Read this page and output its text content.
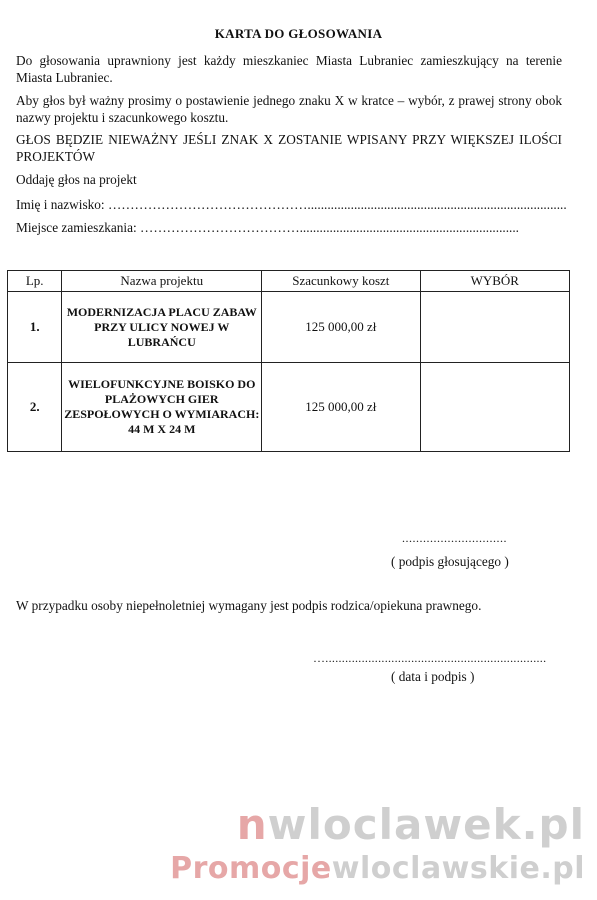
KARTA DO GŁOSOWANIA
Do głosowania uprawniony jest każdy mieszkaniec Miasta Lubraniec zamieszkujący na terenie Miasta Lubraniec.
Aby głos był ważny prosimy o postawienie jednego znaku X w kratce – wybór, z prawej strony obok nazwy projektu i szacunkowego kosztu.
GŁOS BĘDZIE NIEWAŻNY JEŚLI ZNAK X ZOSTANIE WPISANY PRZY WIĘKSZEJ ILOŚCI PROJEKTÓW
Oddaję głos na projekt
Imię i nazwisko: ………………………………………..............................................................................
Miejsce zamieszkania: ………………………………..................................................................
Lp.	Nazwa projektu	Szacunkowy koszt	WYBÓR
1.	MODERNIZACJA PLACU ZABAW PRZY ULICY NOWEJ W LUBRAŃCU	125 000,00 zł	
2.	WIELOFUNKCYJNE BOISKO DO PLAŻOWYCH GIER ZESPOŁOWYCH O WYMIARACH: 44 M X 24 M	125 000,00 zł	
..............................
( podpis głosującego )
W przypadku osoby niepełnoletniej wymagany jest podpis rodzica/opiekuna prawnego.
…...................................................................
( data i podpis )
nwloclawek.pl
Promocjewloclawskie.pl
